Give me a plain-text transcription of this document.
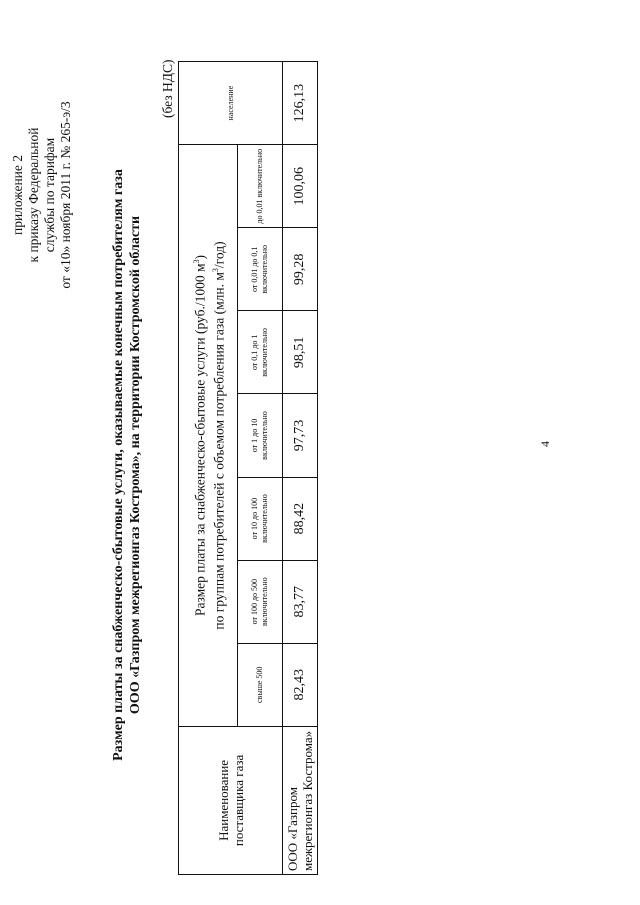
приложение 2 к приказу Федеральной службы по тарифам от «10» ноября 2011 г. № 265-э/3	Размер платы за снабженческо-сбытовые услуги, оказываемые конечным потребителям газа ООО «Газпром межрегионгаз Кострома», на территории Костромской области
(без НДС)
Наименование поставщика газа	Размер платы за снабженческо-сбытовые услуги (руб./1000 $м^3$)
по группам потребителей с объемом потребления газа (млн. $м^3/год$)							население
	свыше 500	от 100 до 500 включительно	от 10 до 100 включительно	от 1 до 10 включительно	от 0,1 до 1 включительно	от 0,01 до 0,1 включительно	до 0,01 включительно	
ООО «Газпром межрегионгаз Кострома»	82,43	83,77	88,42	97,73	98,51	99,28	100,06	126,13
4
